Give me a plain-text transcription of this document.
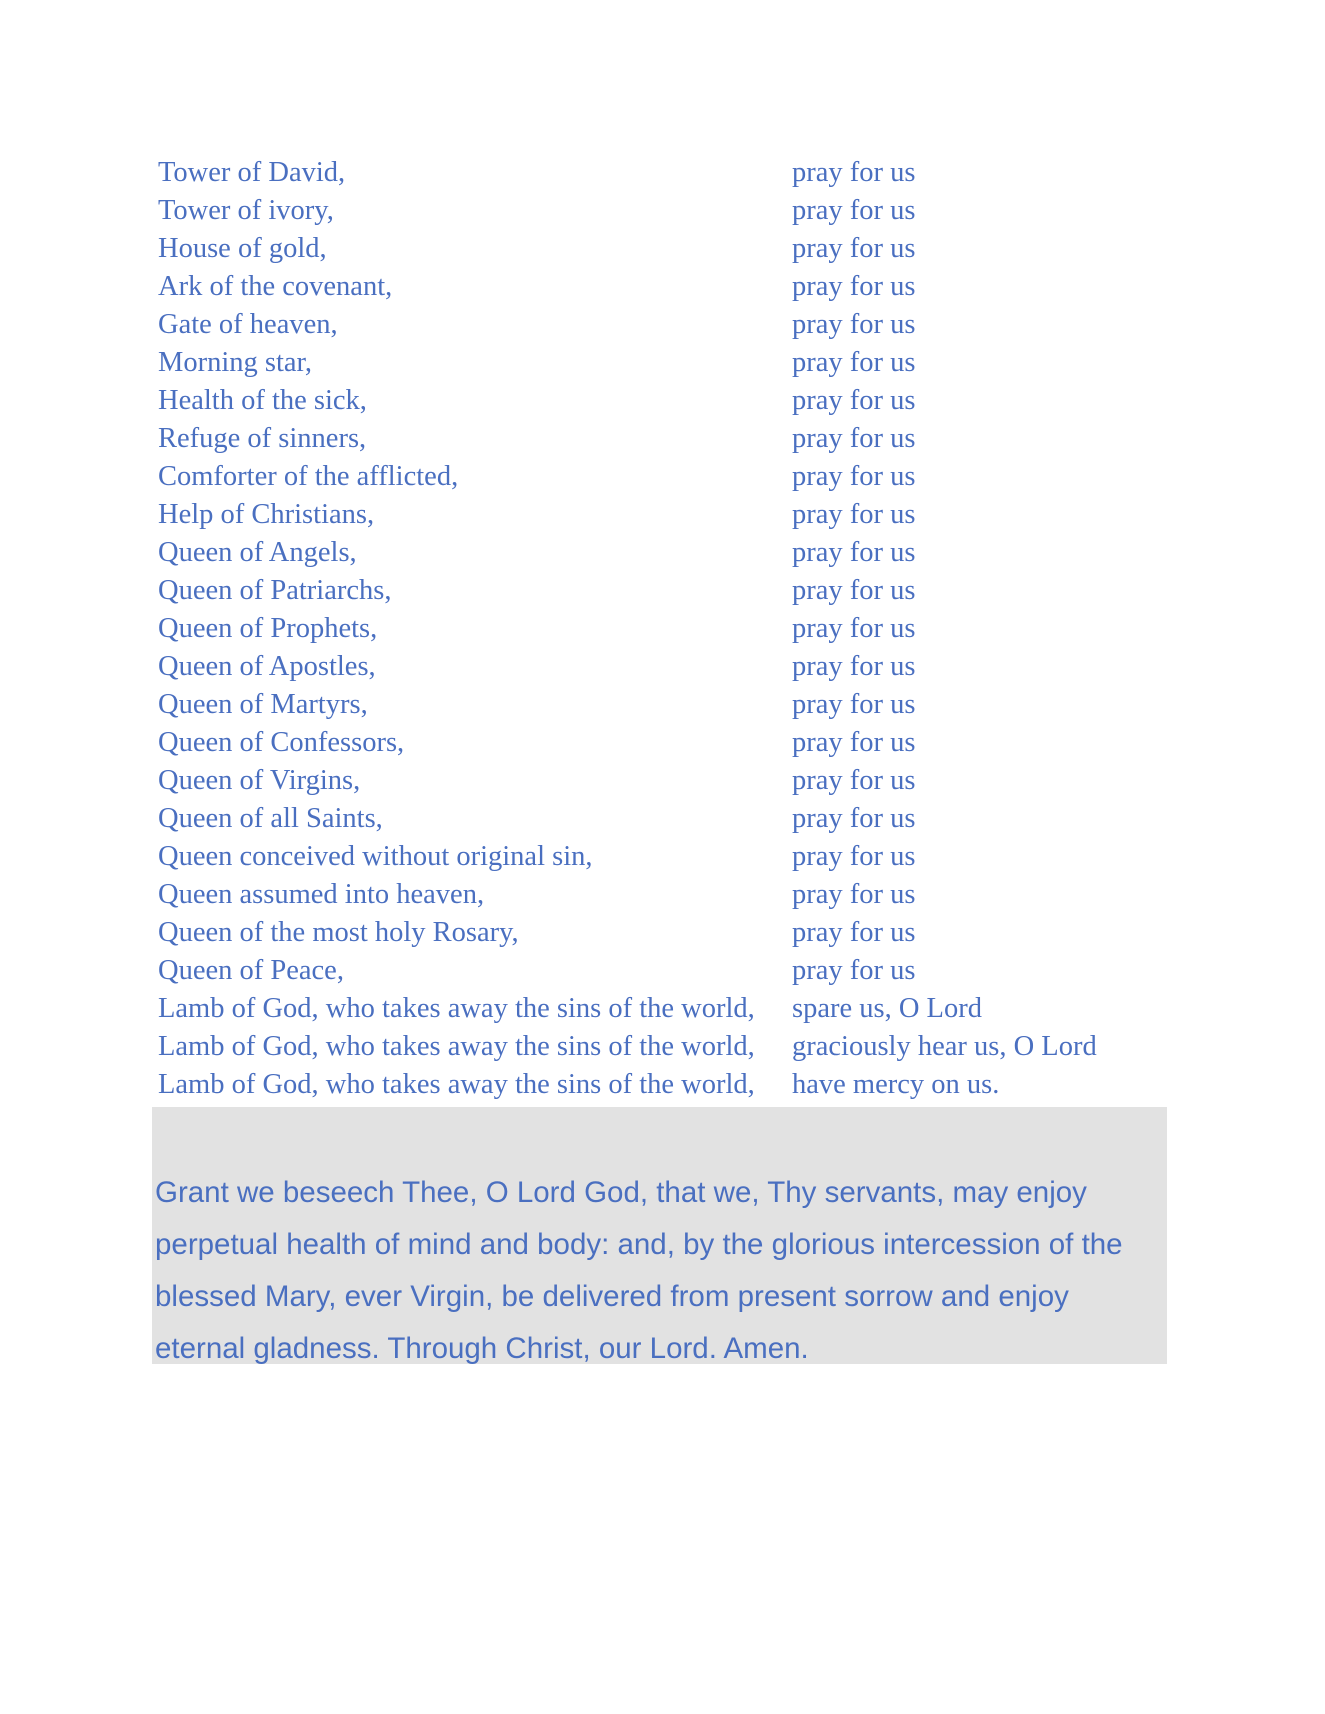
Tower of David,	pray for us
Tower of ivory,	pray for us
House of gold,	pray for us
Ark of the covenant,	pray for us
Gate of heaven,	pray for us
Morning star,	pray for us
Health of the sick,	pray for us
Refuge of sinners,	pray for us
Comforter of the afflicted,	pray for us
Help of Christians,	pray for us
Queen of Angels,	pray for us
Queen of Patriarchs,	pray for us
Queen of Prophets,	pray for us
Queen of Apostles,	pray for us
Queen of Martyrs,	pray for us
Queen of Confessors,	pray for us
Queen of Virgins,	pray for us
Queen of all Saints,	pray for us
Queen conceived without original sin,	pray for us
Queen assumed into heaven,	pray for us
Queen of the most holy Rosary,	pray for us
Queen of Peace,	pray for us
Lamb of God, who takes away the sins of the world,	spare us, O Lord
Lamb of God, who takes away the sins of the world,	graciously hear us, O Lord
Lamb of God, who takes away the sins of the world,	have mercy on us.

Grant we beseech Thee, O Lord God, that we, Thy servants, may enjoy perpetual health of mind and body: and, by the glorious intercession of the blessed Mary, ever Virgin, be delivered from present sorrow and enjoy eternal gladness. Through Christ, our Lord. Amen.
